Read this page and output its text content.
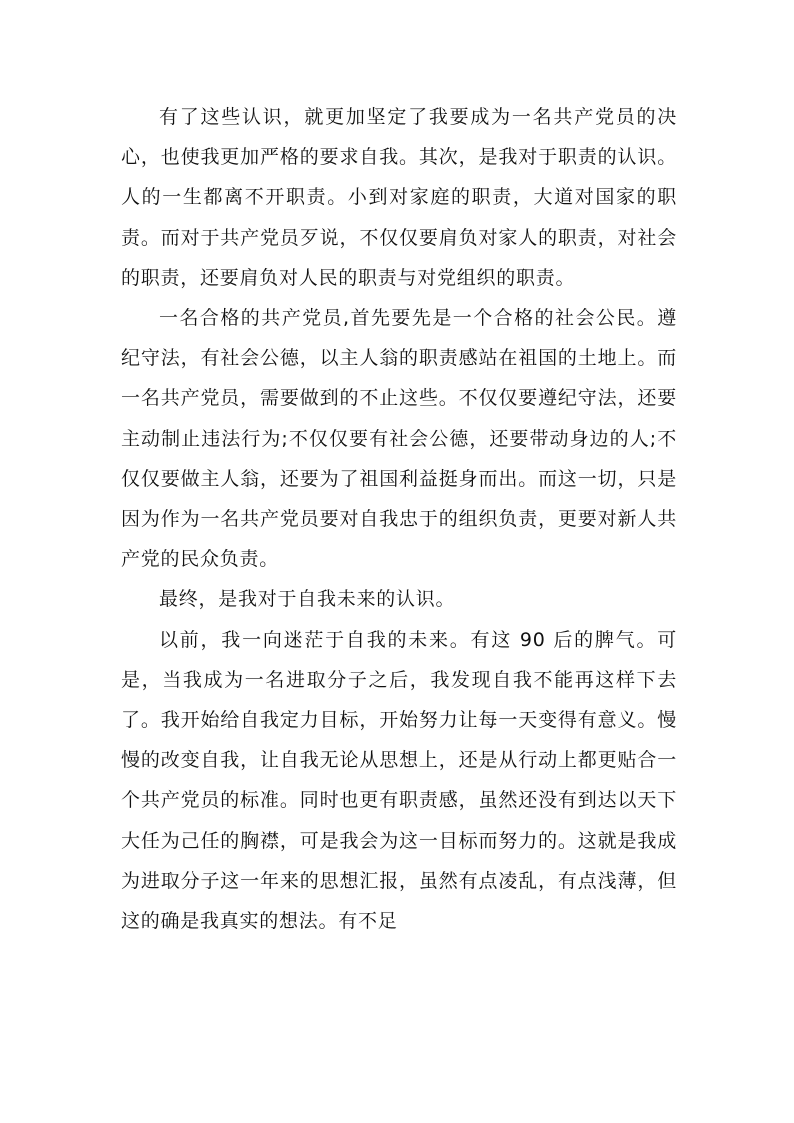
有了这些认识，就更加坚定了我要成为一名共产党员的决心，也使我更加严格的要求自我。其次，是我对于职责的认识。人的一生都离不开职责。小到对家庭的职责，大道对国家的职责。而对于共产党员歹说，不仅仅要肩负对家人的职责，对社会的职责，还要肩负对人民的职责与对党组织的职责。

一名合格的共产党员,首先要先是一个合格的社会公民。遵纪守法，有社会公德，以主人翁的职责感站在祖国的土地上。而一名共产党员，需要做到的不止这些。不仅仅要遵纪守法，还要主动制止违法行为;不仅仅要有社会公德，还要带动身边的人;不仅仅要做主人翁，还要为了祖国利益挺身而出。而这一切，只是因为作为一名共产党员要对自我忠于的组织负责，更要对新人共产党的民众负责。

最终，是我对于自我未来的认识。

以前，我一向迷茫于自我的未来。有这 90 后的脾气。可是，当我成为一名进取分子之后，我发现自我不能再这样下去了。我开始给自我定力目标，开始努力让每一天变得有意义。慢慢的改变自我，让自我无论从思想上，还是从行动上都更贴合一个共产党员的标准。同时也更有职责感，虽然还没有到达以天下大任为己任的胸襟，可是我会为这一目标而努力的。这就是我成为进取分子这一年来的思想汇报，虽然有点凌乱，有点浅薄，但这的确是我真实的想法。有不足
